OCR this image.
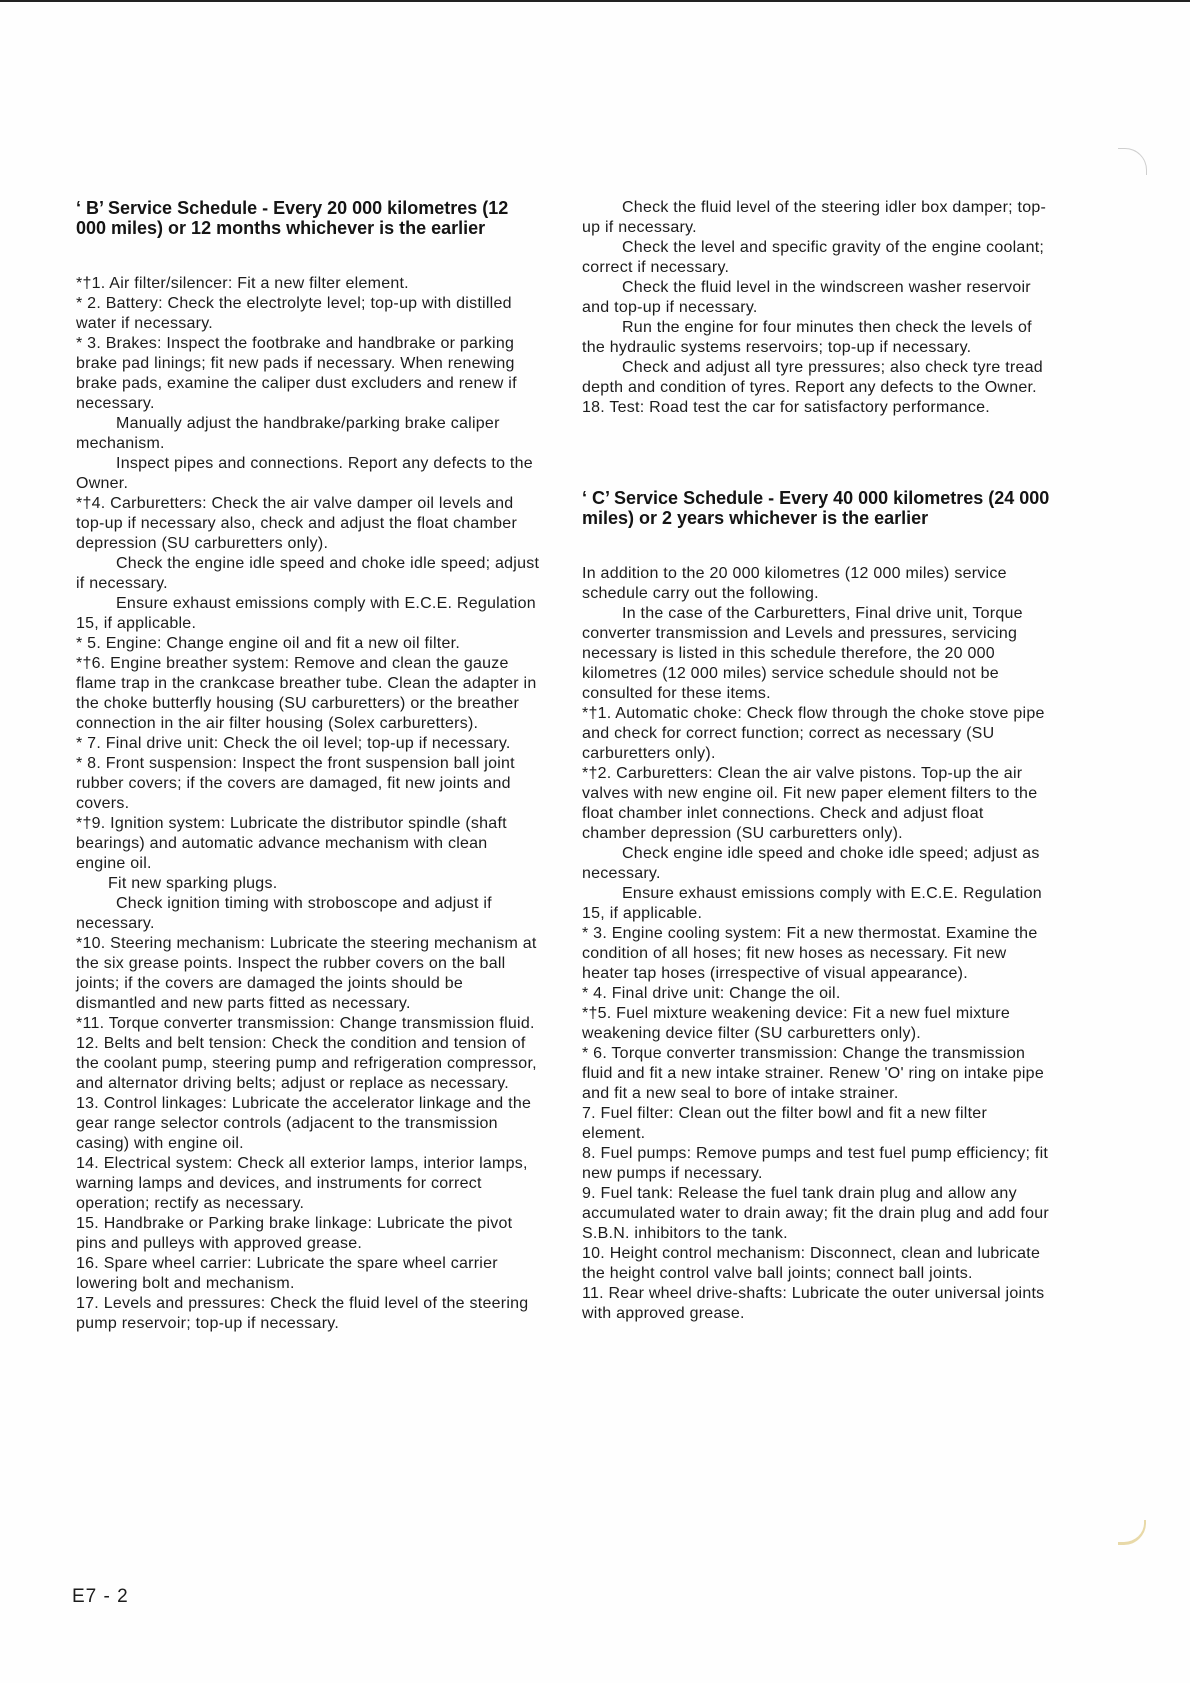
‘ B’ Service Schedule - Every 20 000 kilometres (12 000 miles) or 12 months whichever is the earlier

*†1. Air filter/silencer: Fit a new filter element.

* 2. Battery: Check the electrolyte level; top-up with distilled water if necessary.

* 3. Brakes: Inspect the footbrake and handbrake or parking brake pad linings; fit new pads if necessary. When renewing brake pads, examine the caliper dust excluders and renew if necessary.

Manually adjust the handbrake/parking brake caliper mechanism.

Inspect pipes and connections. Report any defects to the Owner.

*†4. Carburetters: Check the air valve damper oil levels and top-up if necessary also, check and adjust the float chamber depression (SU carburetters only).

Check the engine idle speed and choke idle speed; adjust if necessary.

Ensure exhaust emissions comply with E.C.E. Regulation 15, if applicable.

* 5. Engine: Change engine oil and fit a new oil filter.

*†6. Engine breather system: Remove and clean the gauze flame trap in the crankcase breather tube. Clean the adapter in the choke butterfly housing (SU carburetters) or the breather connection in the air filter housing (Solex carburetters).

* 7. Final drive unit: Check the oil level; top-up if necessary.

* 8. Front suspension: Inspect the front suspension ball joint rubber covers; if the covers are damaged, fit new joints and covers.

*†9. Ignition system: Lubricate the distributor spindle (shaft bearings) and automatic advance mechanism with clean engine oil.

Fit new sparking plugs.

Check ignition timing with stroboscope and adjust if necessary.

*10. Steering mechanism: Lubricate the steering mechanism at the six grease points. Inspect the rubber covers on the ball joints; if the covers are damaged the joints should be dismantled and new parts fitted as necessary.

*11. Torque converter transmission: Change transmission fluid.

12. Belts and belt tension: Check the condition and tension of the coolant pump, steering pump and refrigeration compressor, and alternator driving belts; adjust or replace as necessary.

13. Control linkages: Lubricate the accelerator linkage and the gear range selector controls (adjacent to the transmission casing) with engine oil.

14. Electrical system: Check all exterior lamps, interior lamps, warning lamps and devices, and instruments for correct operation; rectify as necessary.

15. Handbrake or Parking brake linkage: Lubricate the pivot pins and pulleys with approved grease.

16. Spare wheel carrier: Lubricate the spare wheel carrier lowering bolt and mechanism.

17. Levels and pressures: Check the fluid level of the steering pump reservoir; top-up if necessary.

Check the fluid level of the steering idler box damper; top-up if necessary.

Check the level and specific gravity of the engine coolant; correct if necessary.

Check the fluid level in the windscreen washer reservoir and top-up if necessary.

Run the engine for four minutes then check the levels of the hydraulic systems reservoirs; top-up if necessary.

Check and adjust all tyre pressures; also check tyre tread depth and condition of tyres. Report any defects to the Owner.

18. Test: Road test the car for satisfactory performance.

‘ C’ Service Schedule - Every 40 000 kilometres (24 000 miles) or 2 years whichever is the earlier

In addition to the 20 000 kilometres (12 000 miles) service schedule carry out the following.

In the case of the Carburetters, Final drive unit, Torque converter transmission and Levels and pressures, servicing necessary is listed in this schedule therefore, the 20 000 kilometres (12 000 miles) service schedule should not be consulted for these items.

*†1. Automatic choke: Check flow through the choke stove pipe and check for correct function; correct as necessary (SU carburetters only).

*†2. Carburetters: Clean the air valve pistons. Top-up the air valves with new engine oil. Fit new paper element filters to the float chamber inlet connections. Check and adjust float chamber depression (SU carburetters only).

Check engine idle speed and choke idle speed; adjust as necessary.

Ensure exhaust emissions comply with E.C.E. Regulation 15, if applicable.

* 3. Engine cooling system: Fit a new thermostat. Examine the condition of all hoses; fit new hoses as necessary. Fit new heater tap hoses (irrespective of visual appearance).

* 4. Final drive unit: Change the oil.

*†5. Fuel mixture weakening device: Fit a new fuel mixture weakening device filter (SU carburetters only).

* 6. Torque converter transmission: Change the transmission fluid and fit a new intake strainer. Renew 'O' ring on intake pipe and fit a new seal to bore of intake strainer.

7. Fuel filter: Clean out the filter bowl and fit a new filter element.

8. Fuel pumps: Remove pumps and test fuel pump efficiency; fit new pumps if necessary.

9. Fuel tank: Release the fuel tank drain plug and allow any accumulated water to drain away; fit the drain plug and add four S.B.N. inhibitors to the tank.

10. Height control mechanism: Disconnect, clean and lubricate the height control valve ball joints; connect ball joints.

11. Rear wheel drive-shafts: Lubricate the outer universal joints with approved grease.

E7 - 2
